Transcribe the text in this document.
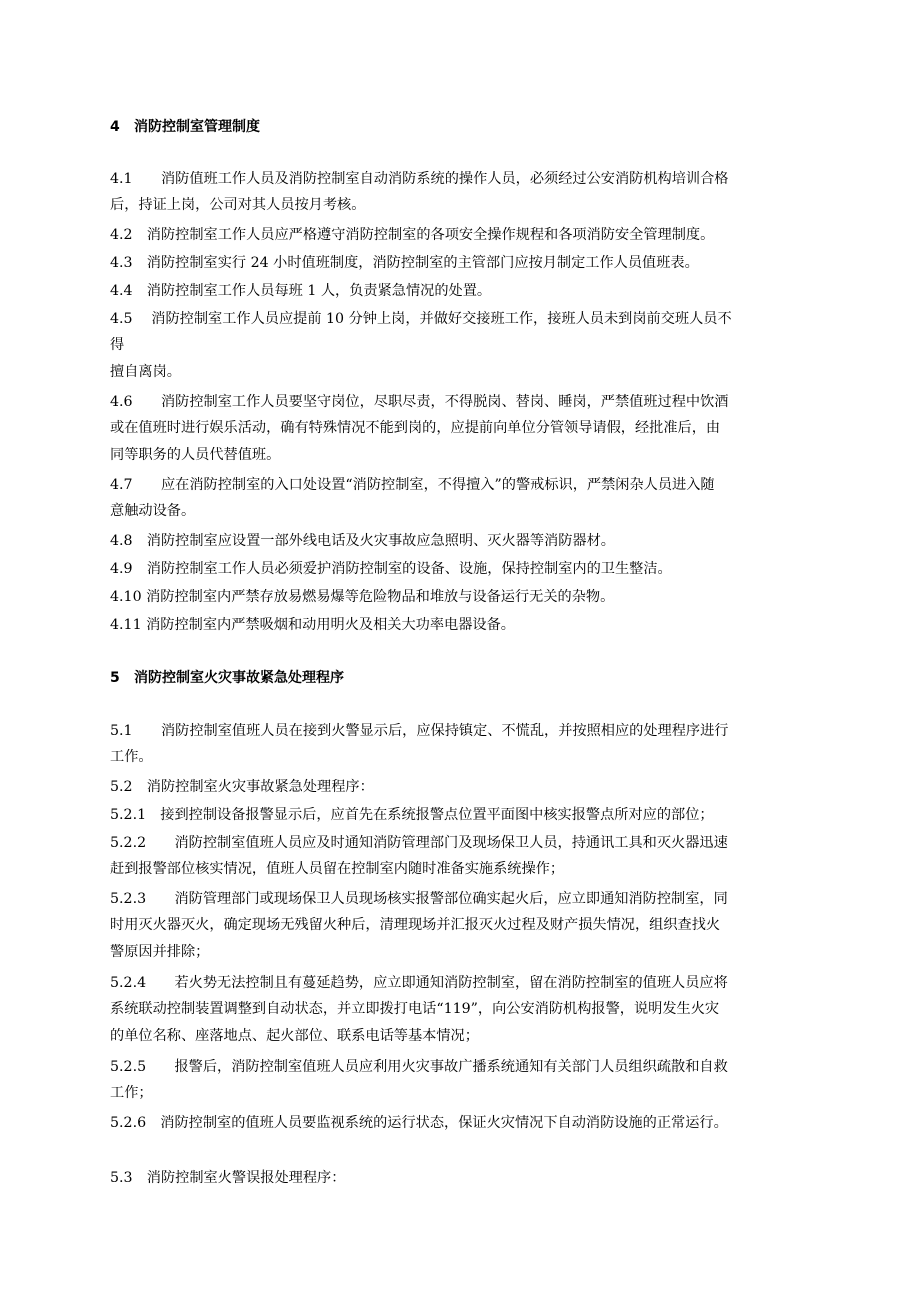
4 消防控制室管理制度
4.1　　消防值班工作人员及消防控制室自动消防系统的操作人员，必须经过公安消防机构培训合格
后，持证上岗，公司对其人员按月考核。
4.2　消防控制室工作人员应严格遵守消防控制室的各项安全操作规程和各项消防安全管理制度。
4.3　消防控制室实行 24 小时值班制度，消防控制室的主管部门应按月制定工作人员值班表。
4.4　消防控制室工作人员每班 1 人，负责紧急情况的处置。
4.5　 消防控制室工作人员应提前 10 分钟上岗，并做好交接班工作，接班人员未到岗前交班人员不
得
擅自离岗。
4.6　　消防控制室工作人员要坚守岗位，尽职尽责，不得脱岗、替岗、睡岗，严禁值班过程中饮酒
或在值班时进行娱乐活动，确有特殊情况不能到岗的，应提前向单位分管领导请假，经批准后，由
同等职务的人员代替值班。
4.7　　应在消防控制室的入口处设置“消防控制室，不得擅入”的警戒标识，严禁闲杂人员进入随
意触动设备。
4.8　消防控制室应设置一部外线电话及火灾事故应急照明、灭火器等消防器材。
4.9　消防控制室工作人员必须爱护消防控制室的设备、设施，保持控制室内的卫生整洁。
4.10 消防控制室内严禁存放易燃易爆等危险物品和堆放与设备运行无关的杂物。
4.11 消防控制室内严禁吸烟和动用明火及相关大功率电器设备。
5 消防控制室火灾事故紧急处理程序
5.1　　消防控制室值班人员在接到火警显示后，应保持镇定、不慌乱，并按照相应的处理程序进行
工作。
5.2　消防控制室火灾事故紧急处理程序：
5.2.1　接到控制设备报警显示后，应首先在系统报警点位置平面图中核实报警点所对应的部位；
5.2.2　　消防控制室值班人员应及时通知消防管理部门及现场保卫人员，持通讯工具和灭火器迅速
赶到报警部位核实情况，值班人员留在控制室内随时准备实施系统操作；
5.2.3　　消防管理部门或现场保卫人员现场核实报警部位确实起火后，应立即通知消防控制室，同
时用灭火器灭火，确定现场无残留火种后，清理现场并汇报灭火过程及财产损失情况，组织查找火
警原因并排除；
5.2.4　　若火势无法控制且有蔓延趋势，应立即通知消防控制室，留在消防控制室的值班人员应将
系统联动控制装置调整到自动状态，并立即拨打电话“119”，向公安消防机构报警，说明发生火灾
的单位名称、座落地点、起火部位、联系电话等基本情况；
5.2.5　　报警后，消防控制室值班人员应利用火灾事故广播系统通知有关部门人员组织疏散和自救
工作；
5.2.6　消防控制室的值班人员要监视系统的运行状态，保证火灾情况下自动消防设施的正常运行。
5.3　消防控制室火警误报处理程序：
